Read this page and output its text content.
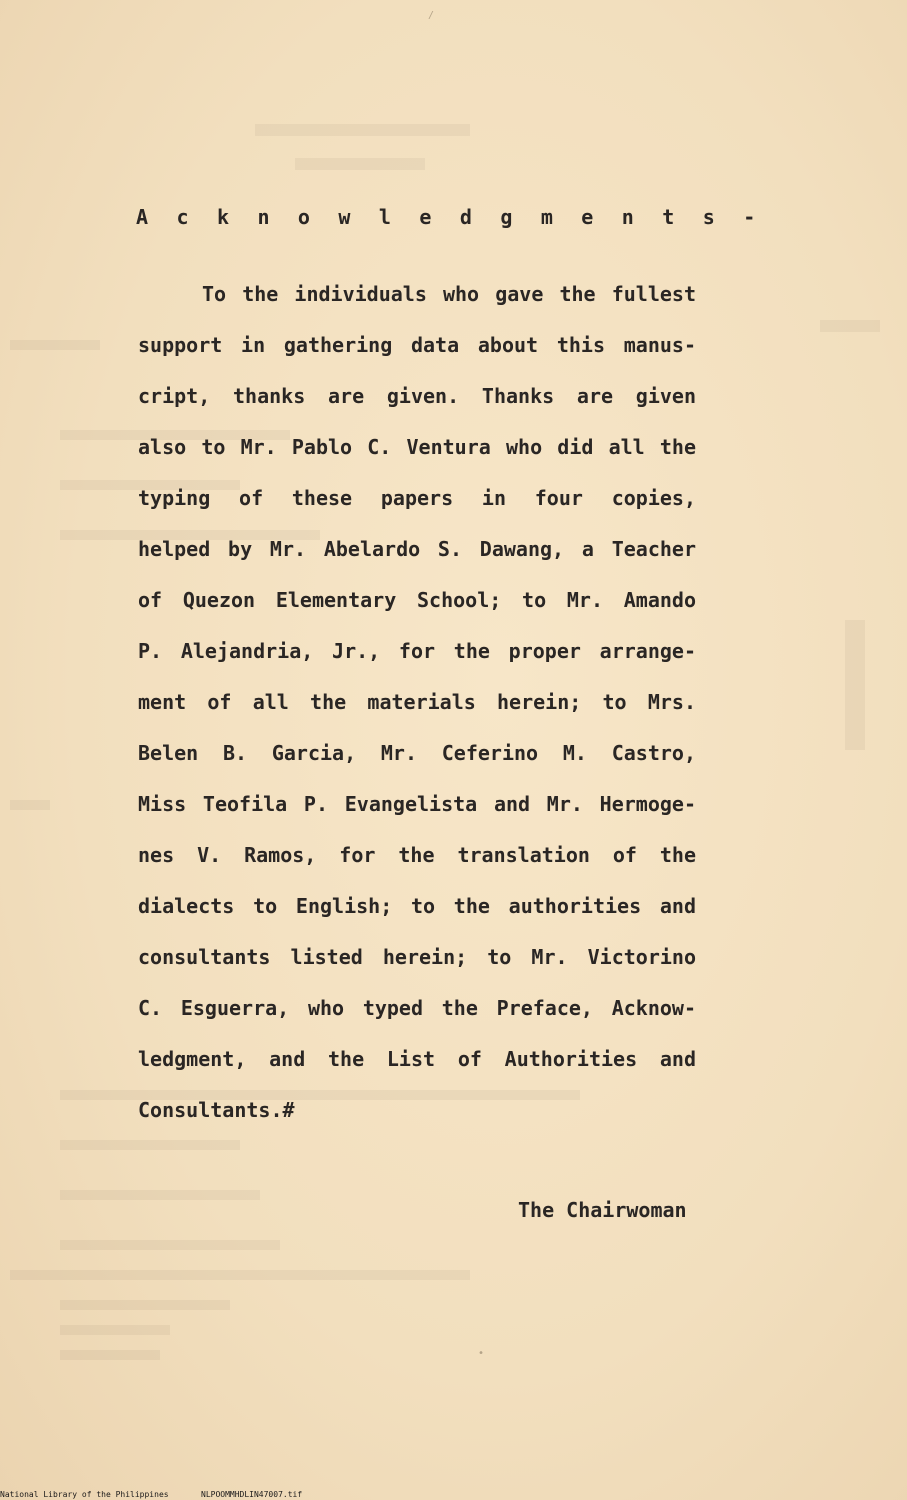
/
•
A c k n o w l e d g m e n t s -
To the individuals who gave the fullest
support in gathering data about this manus-
cript, thanks are given. Thanks are given
also to Mr. Pablo C. Ventura who did all the
typing of these papers in four copies,
helped by Mr. Abelardo S. Dawang, a Teacher
of Quezon Elementary School; to Mr. Amando
P. Alejandria, Jr., for the proper arrange-
ment of all the materials herein; to Mrs.
Belen B. Garcia, Mr. Ceferino M. Castro,
Miss Teofila P. Evangelista and Mr. Hermoge-
nes V. Ramos, for the translation of the
dialects to English; to the authorities and
consultants listed herein; to Mr. Victorino
C. Esguerra, who typed the Preface, Acknow-
ledgment, and the List of Authorities and
Consultants.#
The Chairwoman
National Library of the Philippines	NLPOOMMHDLIN47007.tif
